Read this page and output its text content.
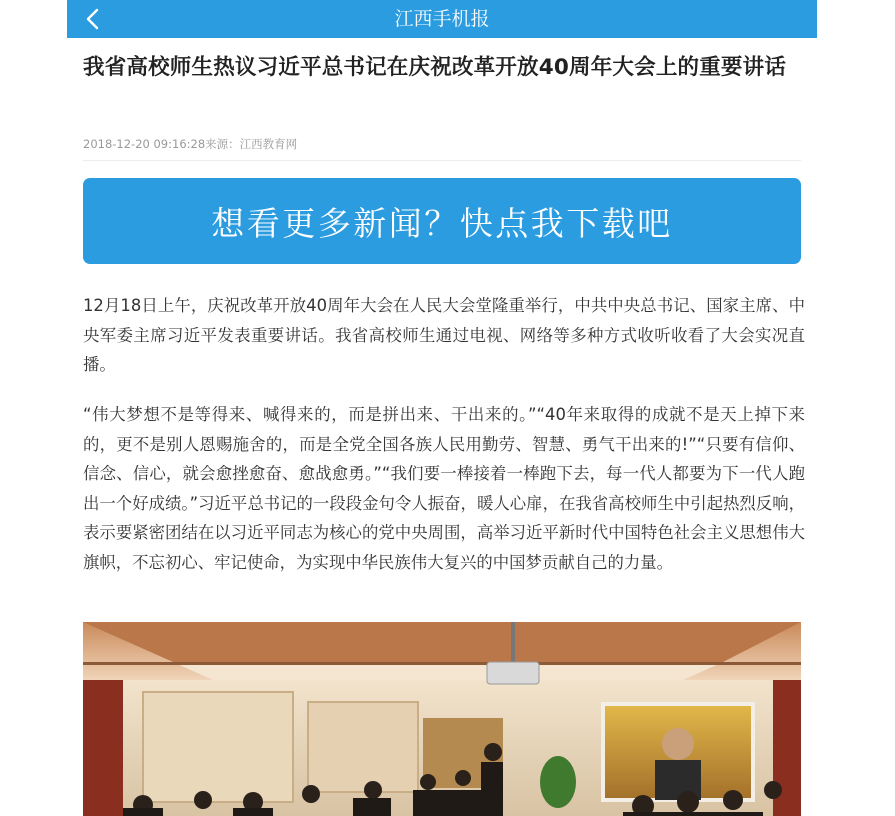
江西手机报
我省高校师生热议习近平总书记在庆祝改革开放40周年大会上的重要讲话
2018-12-20 09:16:28来源：江西教育网
想看更多新闻？快点我下载吧

12月18日上午，庆祝改革开放40周年大会在人民大会堂隆重举行，中共中央总书记、国家主席、中央军委主席习近平发表重要讲话。我省高校师生通过电视、网络等多种方式收听收看了大会实况直播。

“伟大梦想不是等得来、喊得来的，而是拼出来、干出来的。”“40年来取得的成就不是天上掉下来的，更不是别人恩赐施舍的，而是全党全国各族人民用勤劳、智慧、勇气干出来的!”“只要有信仰、信念、信心，就会愈挫愈奋、愈战愈勇。”“我们要一棒接着一棒跑下去，每一代人都要为下一代人跑出一个好成绩。”习近平总书记的一段段金句令人振奋，暖人心扉，在我省高校师生中引起热烈反响，表示要紧密团结在以习近平同志为核心的党中央周围，高举习近平新时代中国特色社会主义思想伟大旗帜，不忘初心、牢记使命，为实现中华民族伟大复兴的中国梦贡献自己的力量。
